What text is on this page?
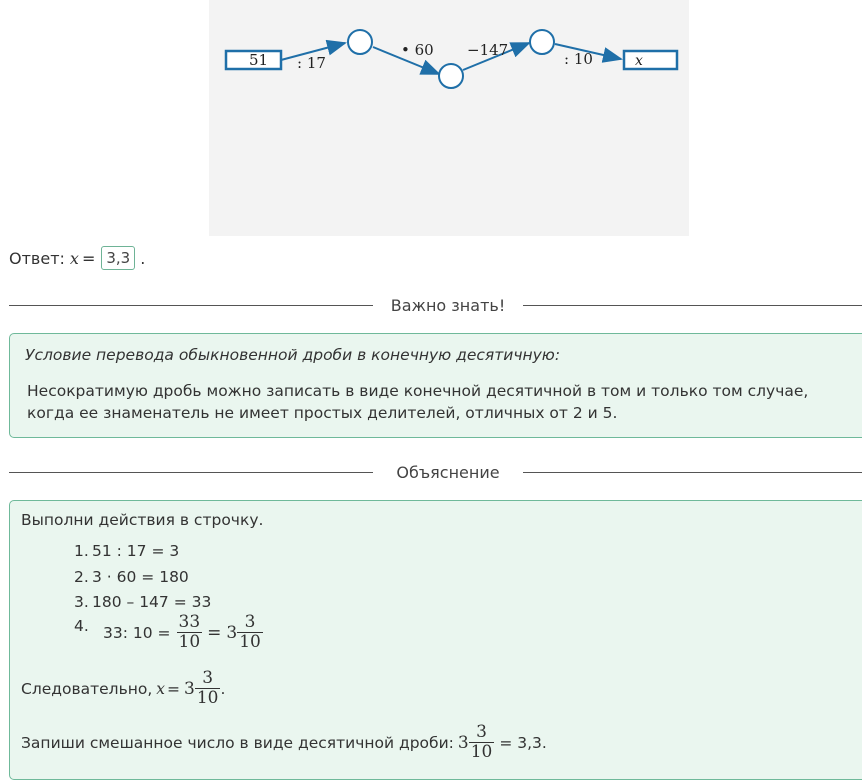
51	x
: 17
• 60 −147	: 10
Ответ: x = 3,3 .
Важно знать!
Условие перевода обыкновенной дроби в конечную десятичную:
Несократимую дробь можно записать в виде конечной десятичной в том и только том случае, когда ее знаменатель не имеет простых делителей, отличных от 2 и 5.
Объяснение
Выполни действия в строчку.
1. 51 : 17 = 3
2. 3 · 60 = 180
3. 180 – 147 = 33
4. 33: $10 = \frac{33}{10} = 3 \frac{3}{10}$
Следовательно, $x = 3 \frac{3}{10}$ .
Запиши смешанное число в виде десятичной дроби: $3 \frac{3}{10} = 3,3$.
